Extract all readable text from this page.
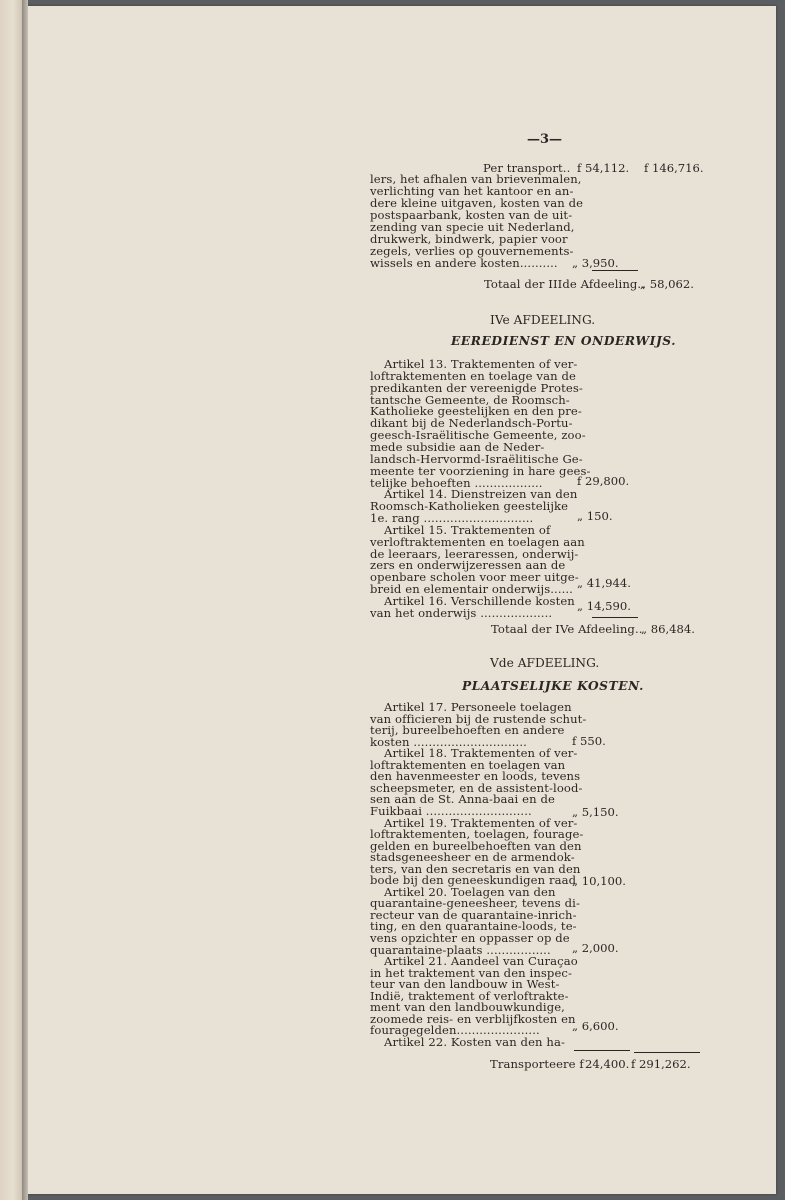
—3—
Per transport.. f 54,112. f 146,716.
lers, het afhalen van brievenmalen,
verlichting van het kantoor en an-
dere kleine uitgaven, kosten van de
postspaarbank, kosten van de uit-
zending van specie uit Nederland,
drukwerk, bindwerk, papier voor
zegels, verlies op gouvernements-
wissels en andere kosten.......... „ 3,950.
Totaal der IIIde Afdeeling..
„ 58,062.
IVe AFDEELING.
EEREDIENST EN ONDERWIJS.
Artikel 13. Traktementen of ver-
loftraktementen en toelage van de
predikanten der vereenigde Protes-
tantsche Gemeente, de Roomsch-
Katholieke geestelijken en den pre-
dikant bij de Nederlandsch-Portu-
geesch-Israëlitische Gemeente, zoo-
mede subsidie aan de Neder-
landsch-Hervormd-Israëlitische Ge-
meente ter voorziening in hare gees-
telijke behoeften ..................
Artikel 14. Dienstreizen van den
Roomsch-Katholieken geestelijke
1e. rang .............................
Artikel 15. Traktementen of
verloftraktementen en toelagen aan
de leeraars, leeraressen, onderwij-
zers en onderwijzeressen aan de
openbare scholen voor meer uitge-
breid en elementair onderwijs......
Artikel 16. Verschillende kosten
van het onderwijs ...................
f 29,800.
„ 150.
„ 41,944.
„ 14,590.
Totaal der IVe Afdeeling..
„ 86,484.
Vde AFDEELING.
PLAATSELIJKE KOSTEN.
Artikel 17. Personeele toelagen
van officieren bij de rustende schut-
terij, bureelbehoeften en andere
kosten ..............................
Artikel 18. Traktementen of ver-
loftraktementen en toelagen van
den havenmeester en loods, tevens
scheepsmeter, en de assistent-lood-
sen aan de St. Anna-baai en de
Fuikbaai ............................
Artikel 19. Traktementen of ver-
loftraktementen, toelagen, fourage-
gelden en bureelbehoeften van den
stadsgeneesheer en de armendok-
ters, van den secretaris en van den
bode bij den geneeskundigen raad
Artikel 20. Toelagen van den
quarantaine-geneesheer, tevens di-
recteur van de quarantaine-inrich-
ting, en den quarantaine-loods, te-
vens opzichter en oppasser op de
quarantaine-plaats .................
Artikel 21. Aandeel van Curaçao
in het traktement van den inspec-
teur van den landbouw in West-
Indië, traktement of verloftrakte-
ment van den landbouwkundige,
zoomede reis- en verblijfkosten en
fouragegelden......................
Artikel 22. Kosten van den ha-
f 550.
„ 5,150.
„ 10,100.
„ 2,000.
„ 6,600.
Transporteere f 24,400. f 291,262.
